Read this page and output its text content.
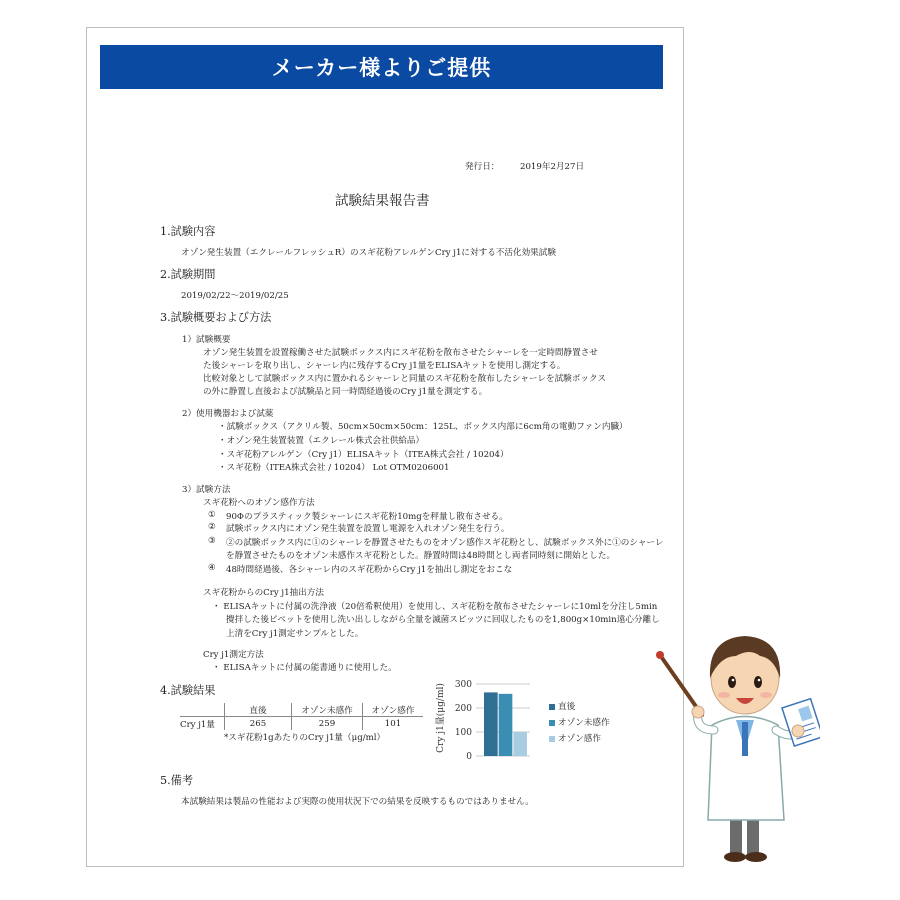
メーカー様よりご提供
発行日： 2019年2月27日
試験結果報告書
1.試験内容
オゾン発生装置（エクレールフレッシュR）のスギ花粉アレルゲンCry j1に対する不活化効果試験
2.試験期間
2019/02/22～2019/02/25
3.試験概要および方法
1）試験概要
オゾン発生装置を設置稼働させた試験ボックス内にスギ花粉を散布させたシャーレを一定時間静置させ
た後シャーレを取り出し、シャーレ内に残存するCry j1量をELISAキットを使用し測定する。
比較対象として試験ボックス内に置かれるシャーレと同量のスギ花粉を散布したシャーレを試験ボックス
の外に静置し直後および試験品と同一時間経過後のCry j1量を測定する。
2）使用機器および試薬
・試験ボックス（アクリル製、50cm×50cm×50cm：125L、ボックス内部に6cm角の電動ファン内臓）
・オゾン発生装置装置（エクレール株式会社供給品）
・スギ花粉アレルゲン（Cry j1）ELISAキット（ITEA株式会社 / 10204）
・スギ花粉（ITEA株式会社 / 10204） Lot OTM0206001
3）試験方法
スギ花粉へのオゾン感作方法
① 90Φのプラスティック製シャーレにスギ花粉10mgを秤量し散布させる。
② 試験ボックス内にオゾン発生装置を設置し電源を入れオゾン発生を行う。
③ ②の試験ボックス内に①のシャーレを静置させたものをオゾン感作スギ花粉とし、試験ボックス外に①のシャーレ
を静置させたものをオゾン未感作スギ花粉とした。静置時間は48時間とし両者同時刻に開始とした。
④ 48時間経過後、各シャーレ内のスギ花粉からCry j1を抽出し測定をおこな
スギ花粉からのCry j1抽出方法
・ ELISAキットに付属の洗浄液（20倍希釈使用）を使用し、スギ花粉を散布させたシャーレに10mlを分注し5min
攪拌した後ピペットを使用し洗い出ししながら全量を滅菌スピッツに回収したものを1,800g×10min遠心分離し
上清をCry j1測定サンプルとした。
Cry j1測定方法
・ ELISAキットに付属の能書通りに使用した。
4.試験結果
	直後	オゾン未感作	オゾン感作
Cry j1量	265	259	101
*スギ花粉1gあたりのCry j1量（μg/ml）
0
100
200
300
Cry j1量(μg/ml)	直後
オゾン未感作
オゾン感作
5.備考
本試験結果は製品の性能および実際の使用状況下での結果を反映するものではありません。
